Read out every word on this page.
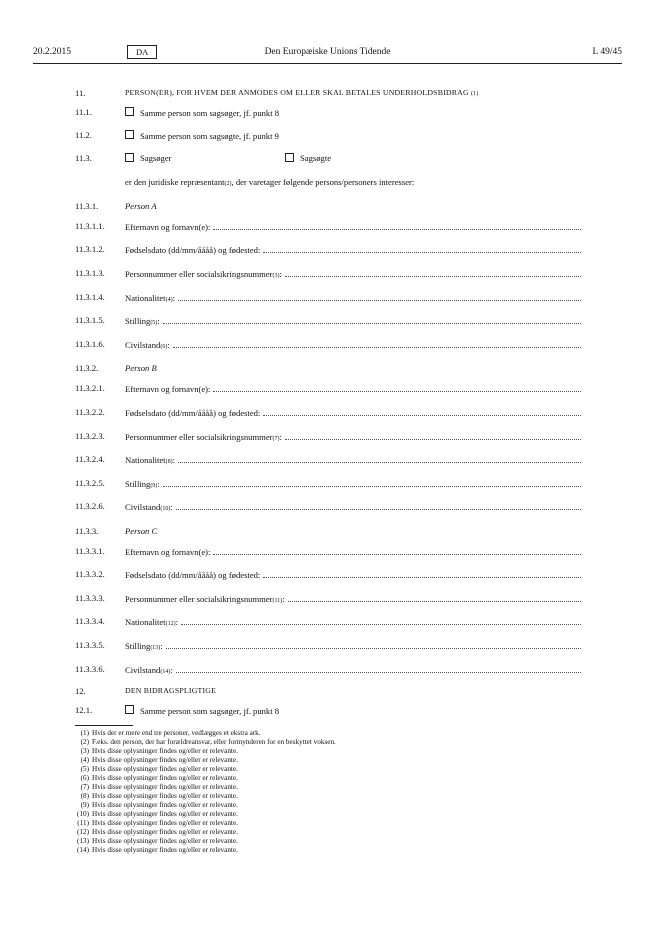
20.2.2015	DA	Den Europæiske Unions Tidende	L 49/45
11.	PERSON(ER), FOR HVEM DER ANMODES OM ELLER SKAL BETALES UNDERHOLDSBIDRAG
(1)
11.1.	Samme person som sagsøger, jf. punkt 8
11.2.	Samme person som sagsøgte, jf. punkt 9
11.3.	Sagsøger	Sagsøgte
er den juridiske repræsentant (2) , der varetager følgende persons/personers interesser:
11.3.1.	Person A
11.3.1.1. Efternavn og fornavn(e):
11.3.1.2. Fødselsdato (dd/mm/åååå) og fødested:
11.3.1.3. Personnummer eller socialsikringsnummer (3) :
11.3.1.4. Nationalitet (4) :
11.3.1.5. Stilling (5) :
11.3.1.6. Civilstand (6) :
11.3.2.	Person B
11.3.2.1. Efternavn og fornavn(e):
11.3.2.2. Fødselsdato (dd/mm/åååå) og fødested:
11.3.2.3. Personnummer eller socialsikringsnummer (7) :
11.3.2.4. Nationalitet (8) :
11.3.2.5. Stilling (9) :
11.3.2.6. Civilstand (10) :
11.3.3.	Person C
11.3.3.1. Efternavn og fornavn(e):
11.3.3.2. Fødselsdato (dd/mm/åååå) og fødested:
11.3.3.3. Personnummer eller socialsikringsnummer (11) :
11.3.3.4. Nationalitet (12) :
11.3.3.5. Stilling (13) :
11.3.3.6. Civilstand (14) :
12.	DEN BIDRAGSPLIGTIGE
12.1.	Samme person som sagsøger, jf. punkt 8
(1) Hvis der er mere end tre personer, vedlægges et ekstra ark.
(2) F.eks. den person, der har forældreansvar, eller formynderen for en beskyttet voksen.
(3) Hvis disse oplysninger findes og/eller er relevante.
(4) Hvis disse oplysninger findes og/eller er relevante.
(5) Hvis disse oplysninger findes og/eller er relevante.
(6) Hvis disse oplysninger findes og/eller er relevante.
(7) Hvis disse oplysninger findes og/eller er relevante.
(8) Hvis disse oplysninger findes og/eller er relevante.
(9) Hvis disse oplysninger findes og/eller er relevante.
(10) Hvis disse oplysninger findes og/eller er relevante.
(11) Hvis disse oplysninger findes og/eller er relevante.
(12) Hvis disse oplysninger findes og/eller er relevante.
(13) Hvis disse oplysninger findes og/eller er relevante.
(14) Hvis disse oplysninger findes og/eller er relevante.
